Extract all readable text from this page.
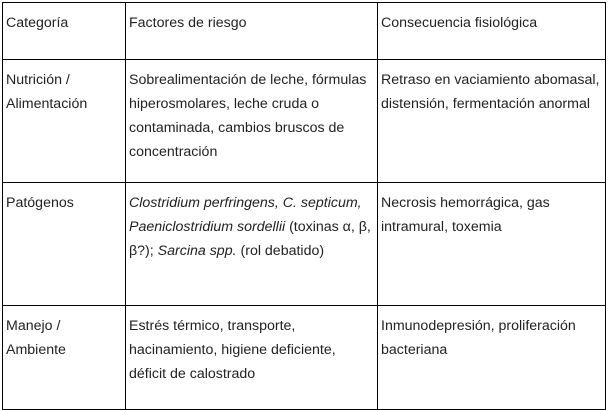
Categoría	Factores de riesgo	Consecuencia fisiológica
Nutrición / Alimentación	Sobrealimentación de leche, fórmulas hiperosmolares, leche cruda o contaminada, cambios bruscos de concentración	Retraso en vaciamiento abomasal, distensión, fermentación anormal
Patógenos	Clostridium perfringens, C. septicum, Paeniclostridium sordellii (toxinas α, β, β?); Sarcina spp. (rol debatido)	Necrosis hemorrágica, gas intramural, toxemia
Manejo / Ambiente	Estrés térmico, transporte, hacinamiento, higiene deficiente, déficit de calostrado	Inmunodepresión, proliferación bacteriana
